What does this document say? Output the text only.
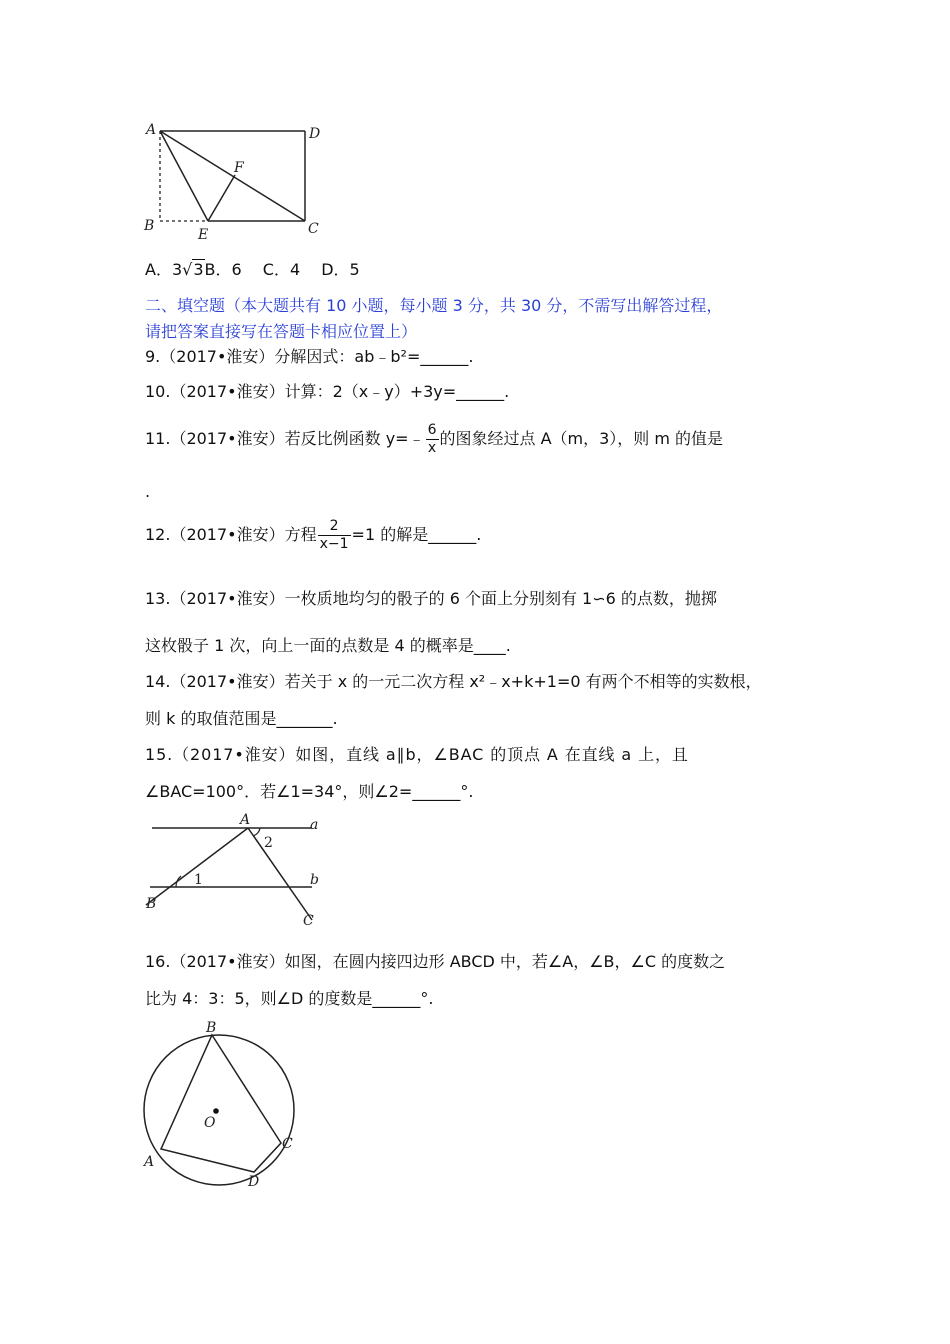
A	D
B	C
E
F
A．3√3B．6　 C．4　 D．5
二、填空题（本大题共有 10 小题，每小题 3 分，共 30 分，不需写出解答过程，
请把答案直接写在答题卡相应位置上）
9.（2017•淮安）分解因式：ab﹣b²=______.
10.（2017•淮安）计算：2（x﹣y）+3y=______.
11.（2017•淮安）若反比例函数 y=﹣ $\frac{6}{x}$ 的图象经过点 A（m，3），则 m 的值是
.
12.（2017•淮安）方程 $\frac{2}{x-1} =1$ 的解是______.
13.（2017•淮安）一枚质地均匀的骰子的 6 个面上分别刻有 1∽6 的点数，抛掷
这枚骰子 1 次，向上一面的点数是 4 的概率是____.
14.（2017•淮安）若关于 x 的一元二次方程 x²﹣x+k+1=0 有两个不相等的实数根，
则 k 的取值范围是_______.
15.（2017•淮安）如图，直线 a∥b，∠BAC 的顶点 A 在直线 a 上，且
∠BAC=100°．若∠1=34°，则∠2=______°.
A	a
b
B
C
1
2
16.（2017•淮安）如图，在圆内接四边形 ABCD 中，若∠A，∠B，∠C 的度数之
比为 4：3：5，则∠D 的度数是______°.
B
C
D
A
O
